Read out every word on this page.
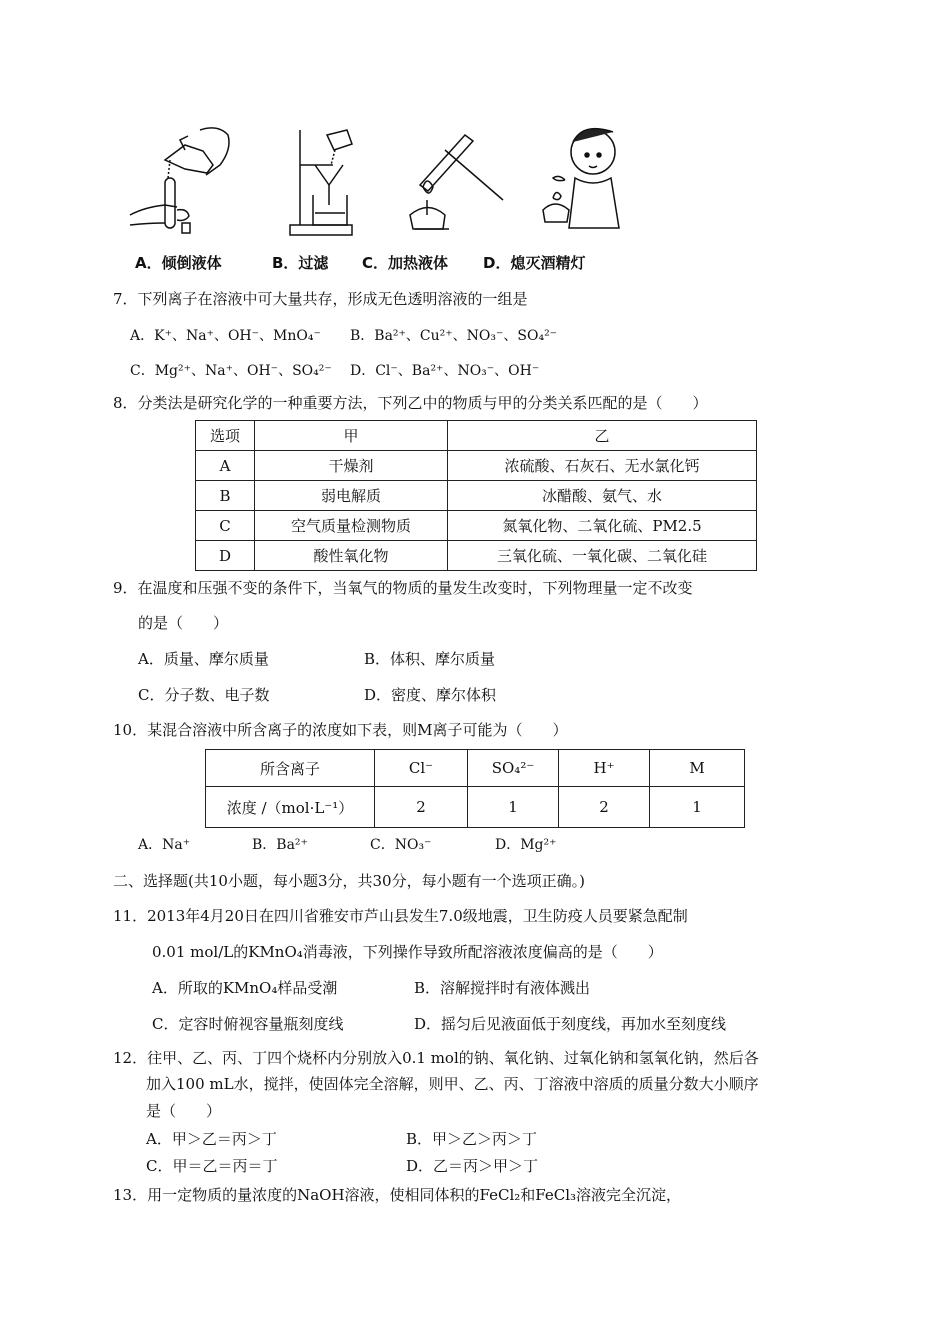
A．倾倒液体	B．过滤 C．加热液体 D．熄灭酒精灯
7．下列离子在溶液中可大量共存，形成无色透明溶液的一组是
A．K⁺、Na⁺、OH⁻、MnO₄⁻ B．Ba²⁺、Cu²⁺、NO₃⁻、SO₄²⁻
C．Mg²⁺、Na⁺、OH⁻、SO₄²⁻ D．Cl⁻、Ba²⁺、NO₃⁻、OH⁻
8．分类法是研究化学的一种重要方法，下列乙中的物质与甲的分类关系匹配的是（　　）
选项	甲	乙
A	干燥剂	浓硫酸、石灰石、无水氯化钙
B	弱电解质	冰醋酸、氨气、水
C	空气质量检测物质	氮氧化物、二氧化硫、PM2.5
D	酸性氧化物	三氧化硫、一氧化碳、二氧化硅
9．在温度和压强不变的条件下，当氧气的物质的量发生改变时，下列物理量一定不改变
的是（　　）
A．质量、摩尔质量	B．体积、摩尔质量
C．分子数、电子数	D．密度、摩尔体积
10．某混合溶液中所含离子的浓度如下表，则M离子可能为（　　）
所含离子	Cl⁻	SO₄²⁻	H⁺	M
浓度 /（mol·L⁻¹）	2	1	2	1
A．Na⁺	B．Ba²⁺	C．NO₃⁻	D．Mg²⁺
二、选择题(共10小题，每小题3分，共30分，每小题有一个选项正确。)
11．2013年4月20日在四川省雅安市芦山县发生7.0级地震，卫生防疫人员要紧急配制
0.01 mol/L的KMnO₄消毒液，下列操作导致所配溶液浓度偏高的是（　　）
A．所取的KMnO₄样品受潮	B．溶解搅拌时有液体溅出
C．定容时俯视容量瓶刻度线	D．摇匀后见液面低于刻度线，再加水至刻度线
12．往甲、乙、丙、丁四个烧杯内分别放入0.1 mol的钠、氧化钠、过氧化钠和氢氧化钠，然后各
加入100 mL水，搅拌，使固体完全溶解，则甲、乙、丙、丁溶液中溶质的质量分数大小顺序
是（　　）
A．甲＞乙＝丙＞丁	B．甲＞乙＞丙＞丁
C．甲＝乙＝丙＝丁	D．乙＝丙＞甲＞丁
13．用一定物质的量浓度的NaOH溶液，使相同体积的FeCl₂和FeCl₃溶液完全沉淀，
